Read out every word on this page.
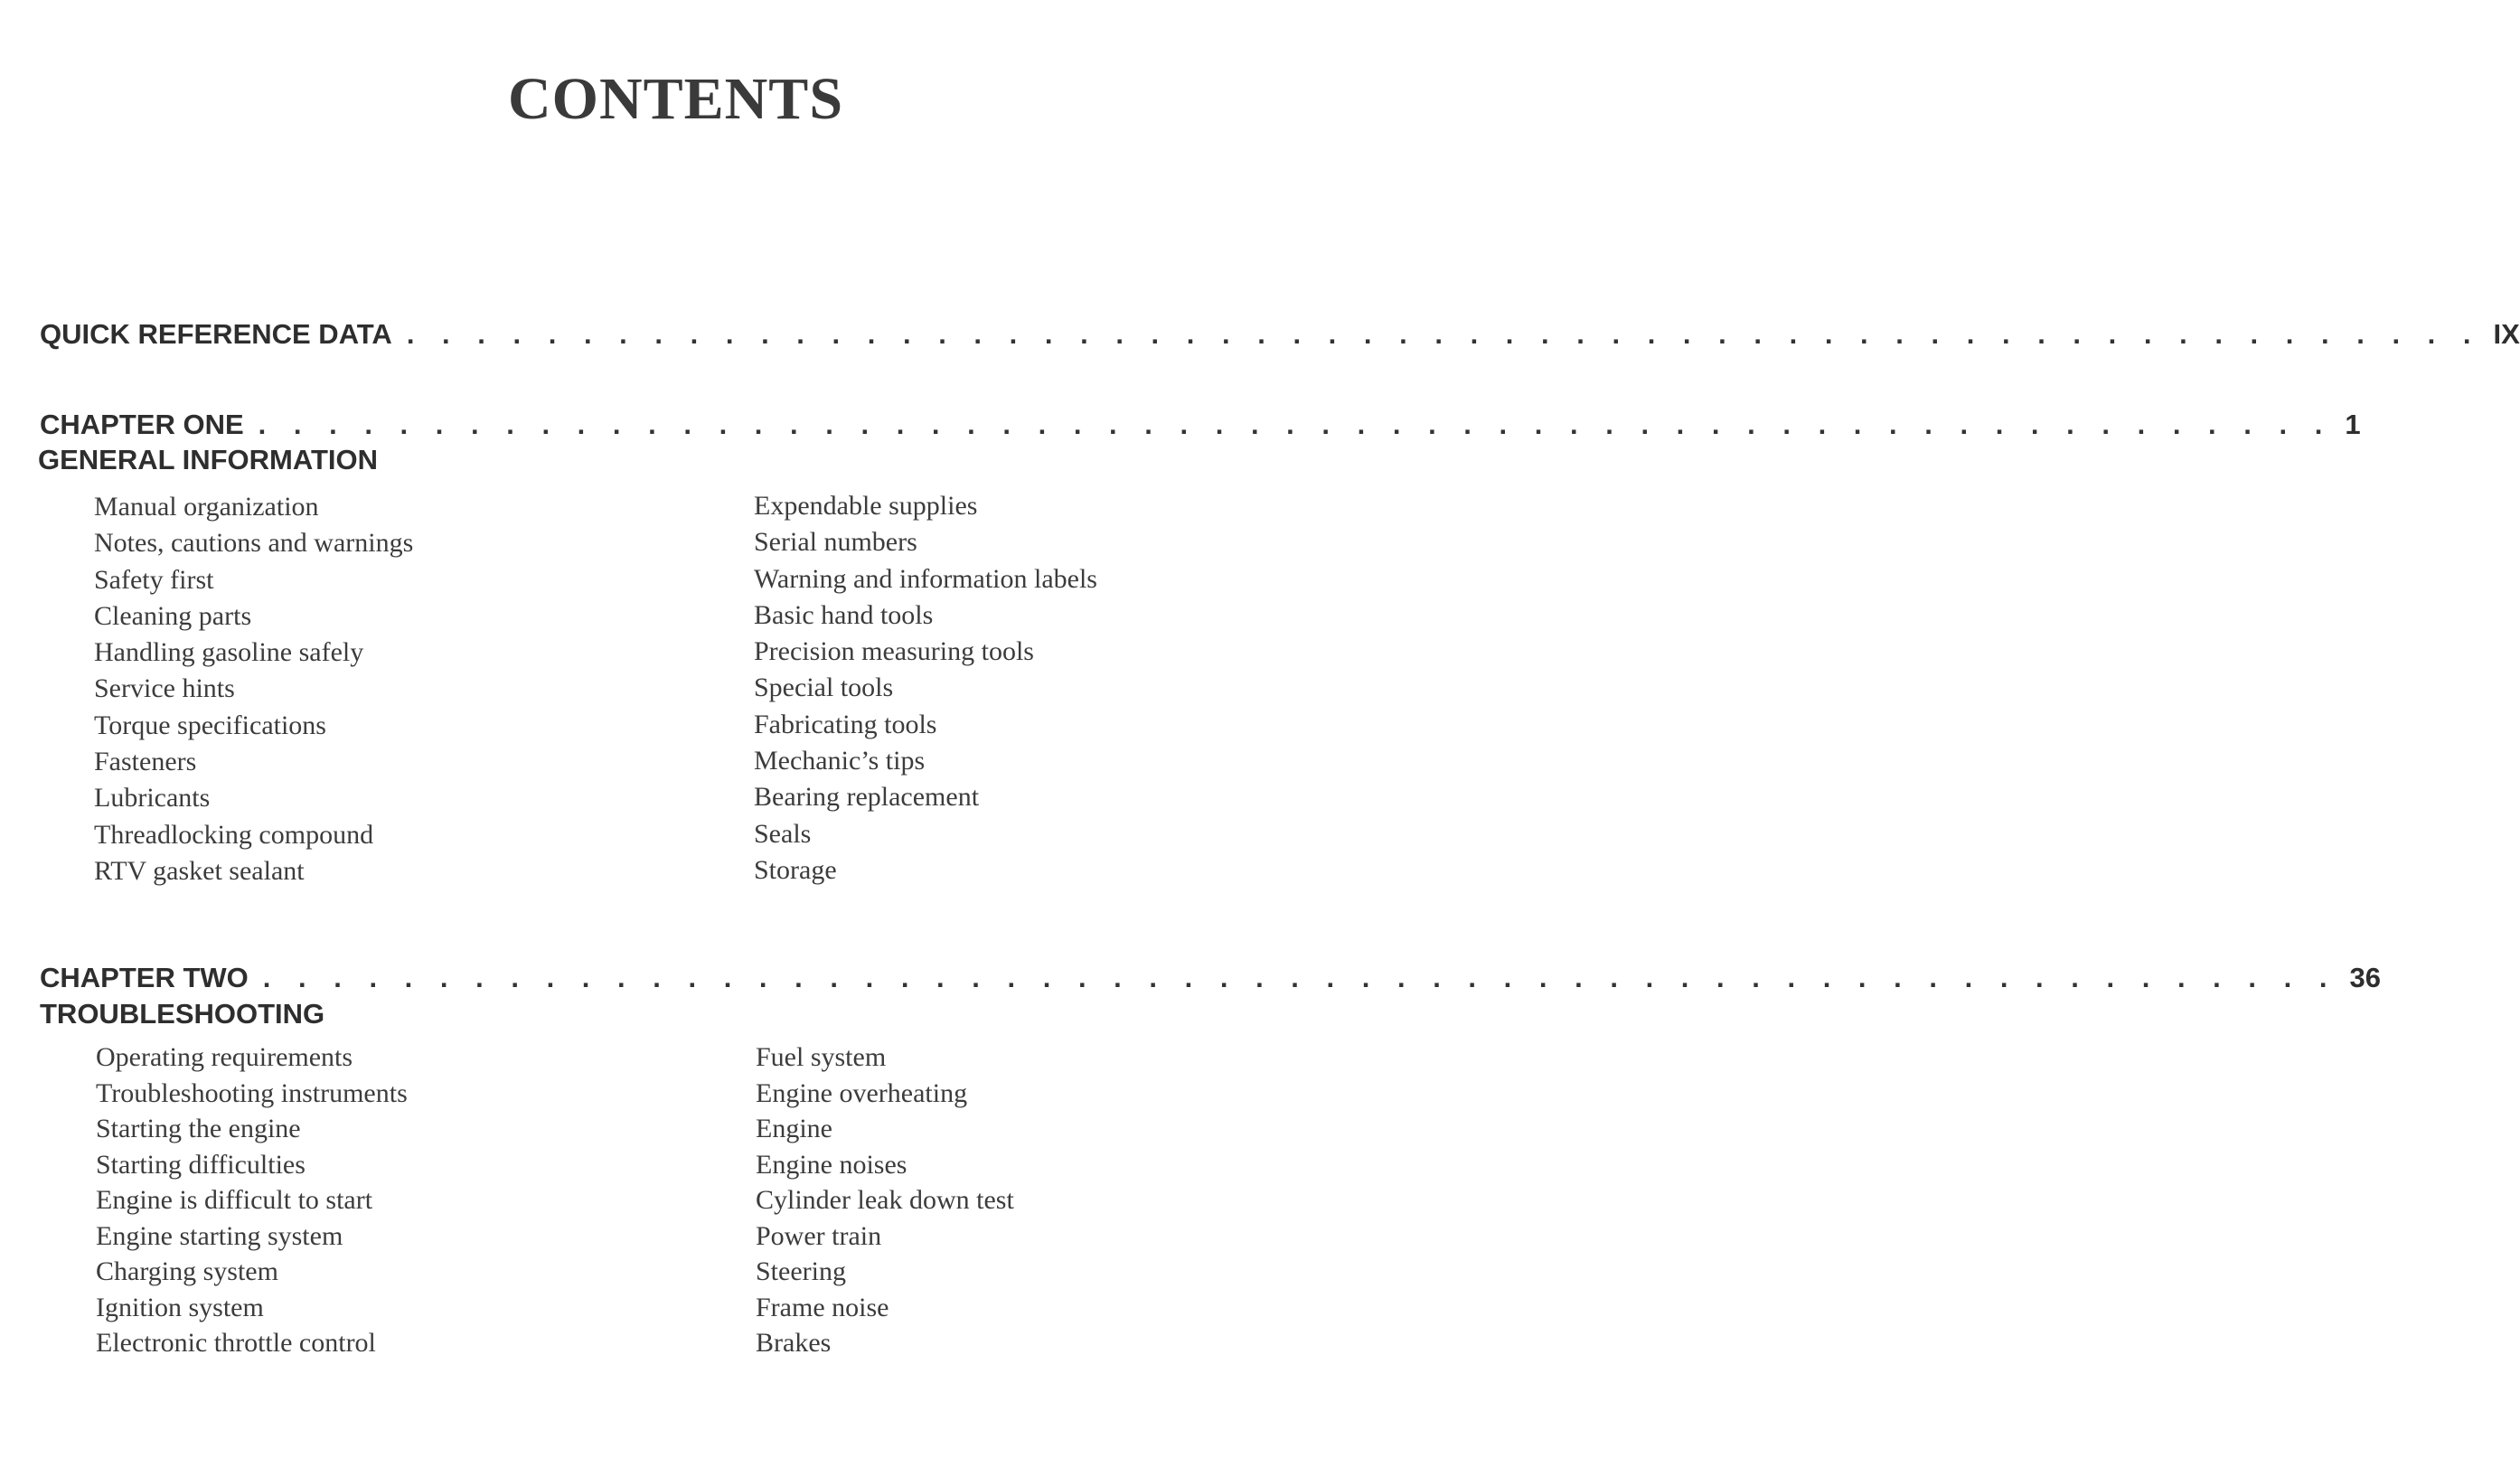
CONTENTS
QUICK REFERENCE DATA . . . . . . . . . . . . . . . . . . . . . . . . . . . . . . . . . . . . . . . . . . . . . . . . . . . . . . . . . . . IX
CHAPTER ONE . . . . . . . . . . . . . . . . . . . . . . . . . . . . . . . . . . . . . . . . . . . . . . . . . . . . . . . . . . . 1
GENERAL INFORMATION
Manual organization
Notes, cautions and warnings
Safety first
Cleaning parts
Handling gasoline safely
Service hints
Torque specifications
Fasteners
Lubricants
Threadlocking compound
RTV gasket sealant
Expendable supplies
Serial numbers
Warning and information labels
Basic hand tools
Precision measuring tools
Special tools
Fabricating tools
Mechanic’s tips
Bearing replacement
Seals
Storage
CHAPTER TWO . . . . . . . . . . . . . . . . . . . . . . . . . . . . . . . . . . . . . . . . . . . . . . . . . . . . . . . . . . . 36
TROUBLESHOOTING
Operating requirements
Troubleshooting instruments
Starting the engine
Starting difficulties
Engine is difficult to start
Engine starting system
Charging system
Ignition system
Electronic throttle control
Fuel system
Engine overheating
Engine
Engine noises
Cylinder leak down test
Power train
Steering
Frame noise
Brakes
